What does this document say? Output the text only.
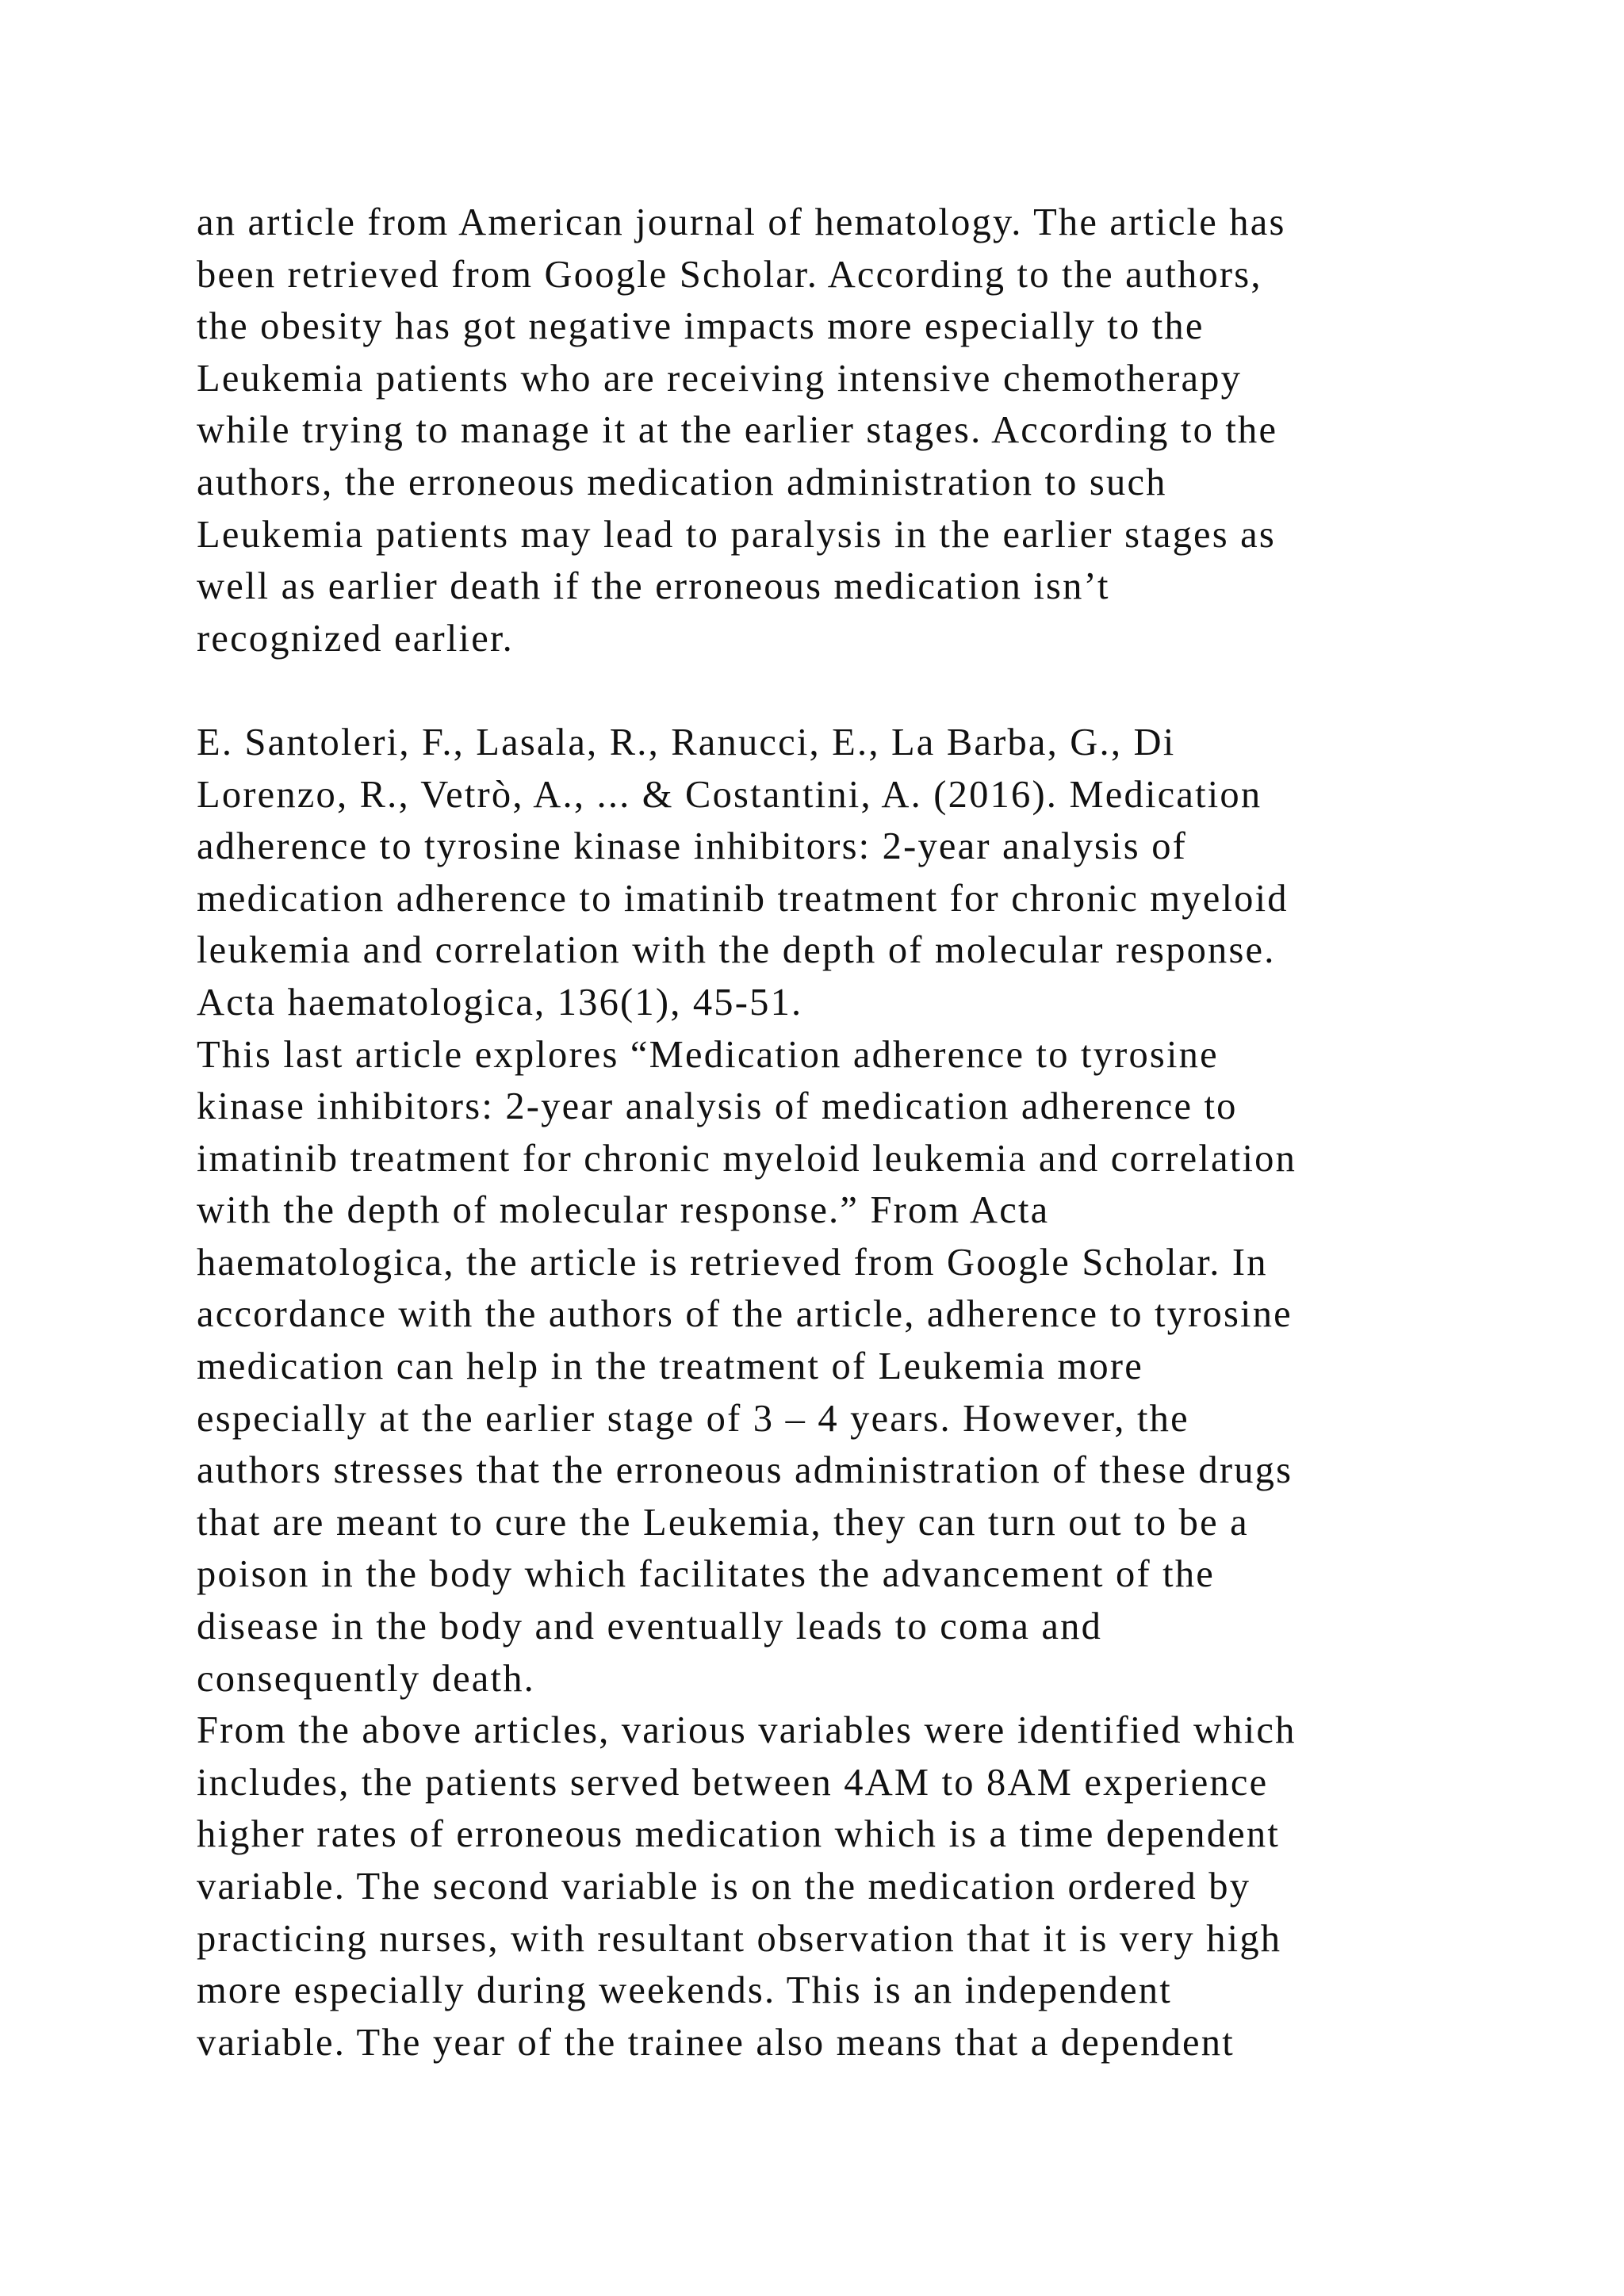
an article from American journal of hematology. The article has
been retrieved from Google Scholar. According to the authors,
the obesity has got negative impacts more especially to the
Leukemia patients who are receiving intensive chemotherapy
while trying to manage it at the earlier stages. According to the
authors, the erroneous medication administration to such
Leukemia patients may lead to paralysis in the earlier stages as
well as earlier death if the erroneous medication isn’t
recognized earlier.
E. Santoleri, F., Lasala, R., Ranucci, E., La Barba, G., Di
Lorenzo, R., Vetrò, A., ... & Costantini, A. (2016). Medication
adherence to tyrosine kinase inhibitors: 2-year analysis of
medication adherence to imatinib treatment for chronic myeloid
leukemia and correlation with the depth of molecular response.
Acta haematologica, 136(1), 45-51.
This last article explores “Medication adherence to tyrosine
kinase inhibitors: 2-year analysis of medication adherence to
imatinib treatment for chronic myeloid leukemia and correlation
with the depth of molecular response.” From Acta
haematologica, the article is retrieved from Google Scholar. In
accordance with the authors of the article, adherence to tyrosine
medication can help in the treatment of Leukemia more
especially at the earlier stage of 3 – 4 years. However, the
authors stresses that the erroneous administration of these drugs
that are meant to cure the Leukemia, they can turn out to be a
poison in the body which facilitates the advancement of the
disease in the body and eventually leads to coma and
consequently death.
From the above articles, various variables were identified which
includes, the patients served between 4AM to 8AM experience
higher rates of erroneous medication which is a time dependent
variable. The second variable is on the medication ordered by
practicing nurses, with resultant observation that it is very high
more especially during weekends. This is an independent
variable. The year of the trainee also means that a dependent
